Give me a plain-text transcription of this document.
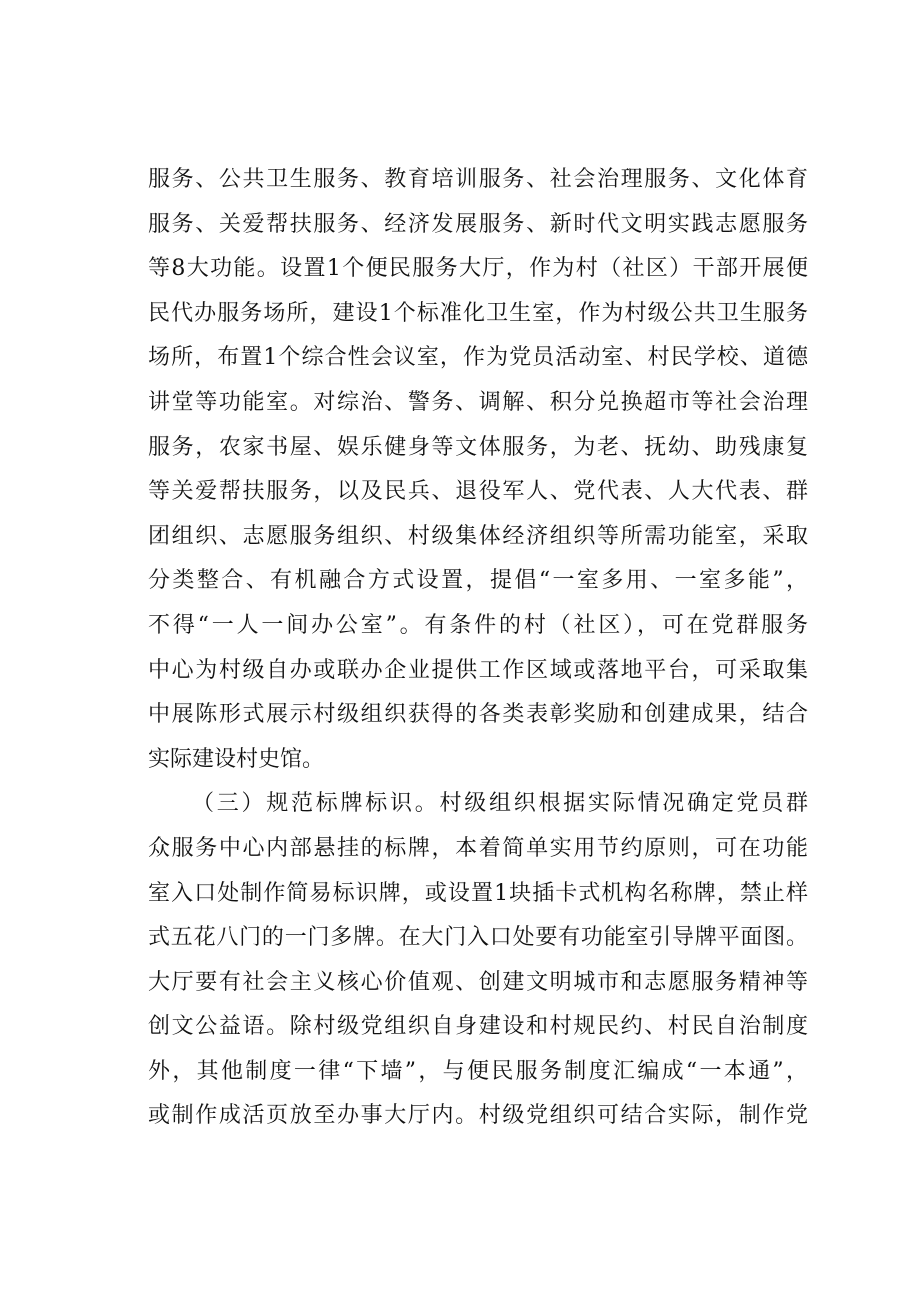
服务、公共卫生服务、教育培训服务、社会治理服务、文化体育
服务、关爱帮扶服务、经济发展服务、新时代文明实践志愿服务
等8大功能。设置1个便民服务大厅，作为村（社区）干部开展便
民代办服务场所，建设1个标准化卫生室，作为村级公共卫生服务
场所，布置1个综合性会议室，作为党员活动室、村民学校、道德
讲堂等功能室。对综治、警务、调解、积分兑换超市等社会治理
服务，农家书屋、娱乐健身等文体服务，为老、抚幼、助残康复
等关爱帮扶服务，以及民兵、退役军人、党代表、人大代表、群
团组织、志愿服务组织、村级集体经济组织等所需功能室，采取
分类整合、有机融合方式设置，提倡“一室多用、一室多能”，
不得“一人一间办公室”。有条件的村（社区），可在党群服务
中心为村级自办或联办企业提供工作区域或落地平台，可采取集
中展陈形式展示村级组织获得的各类表彰奖励和创建成果，结合
实际建设村史馆。
（三）规范标牌标识。村级组织根据实际情况确定党员群
众服务中心内部悬挂的标牌，本着简单实用节约原则，可在功能
室入口处制作简易标识牌，或设置1块插卡式机构名称牌，禁止样
式五花八门的一门多牌。在大门入口处要有功能室引导牌平面图。
大厅要有社会主义核心价值观、创建文明城市和志愿服务精神等
创文公益语。除村级党组织自身建设和村规民约、村民自治制度
外，其他制度一律“下墙”，与便民服务制度汇编成“一本通”，
或制作成活页放至办事大厅内。村级党组织可结合实际，制作党
